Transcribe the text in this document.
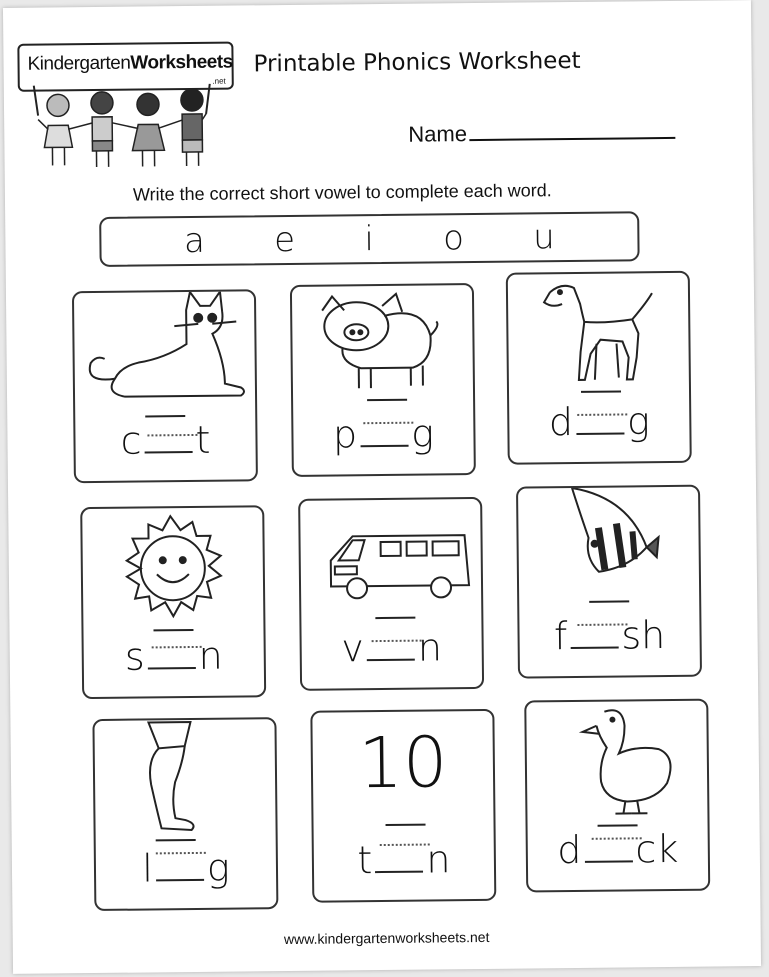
KindergartenWorksheets
.net
Printable Phonics Worksheet
Name
Write the correct short vowel to complete each word.
a e i o u
c t	p g	d g
s n	v n	f sh
l g
10
t n	d ck
www.kindergartenworksheets.net
